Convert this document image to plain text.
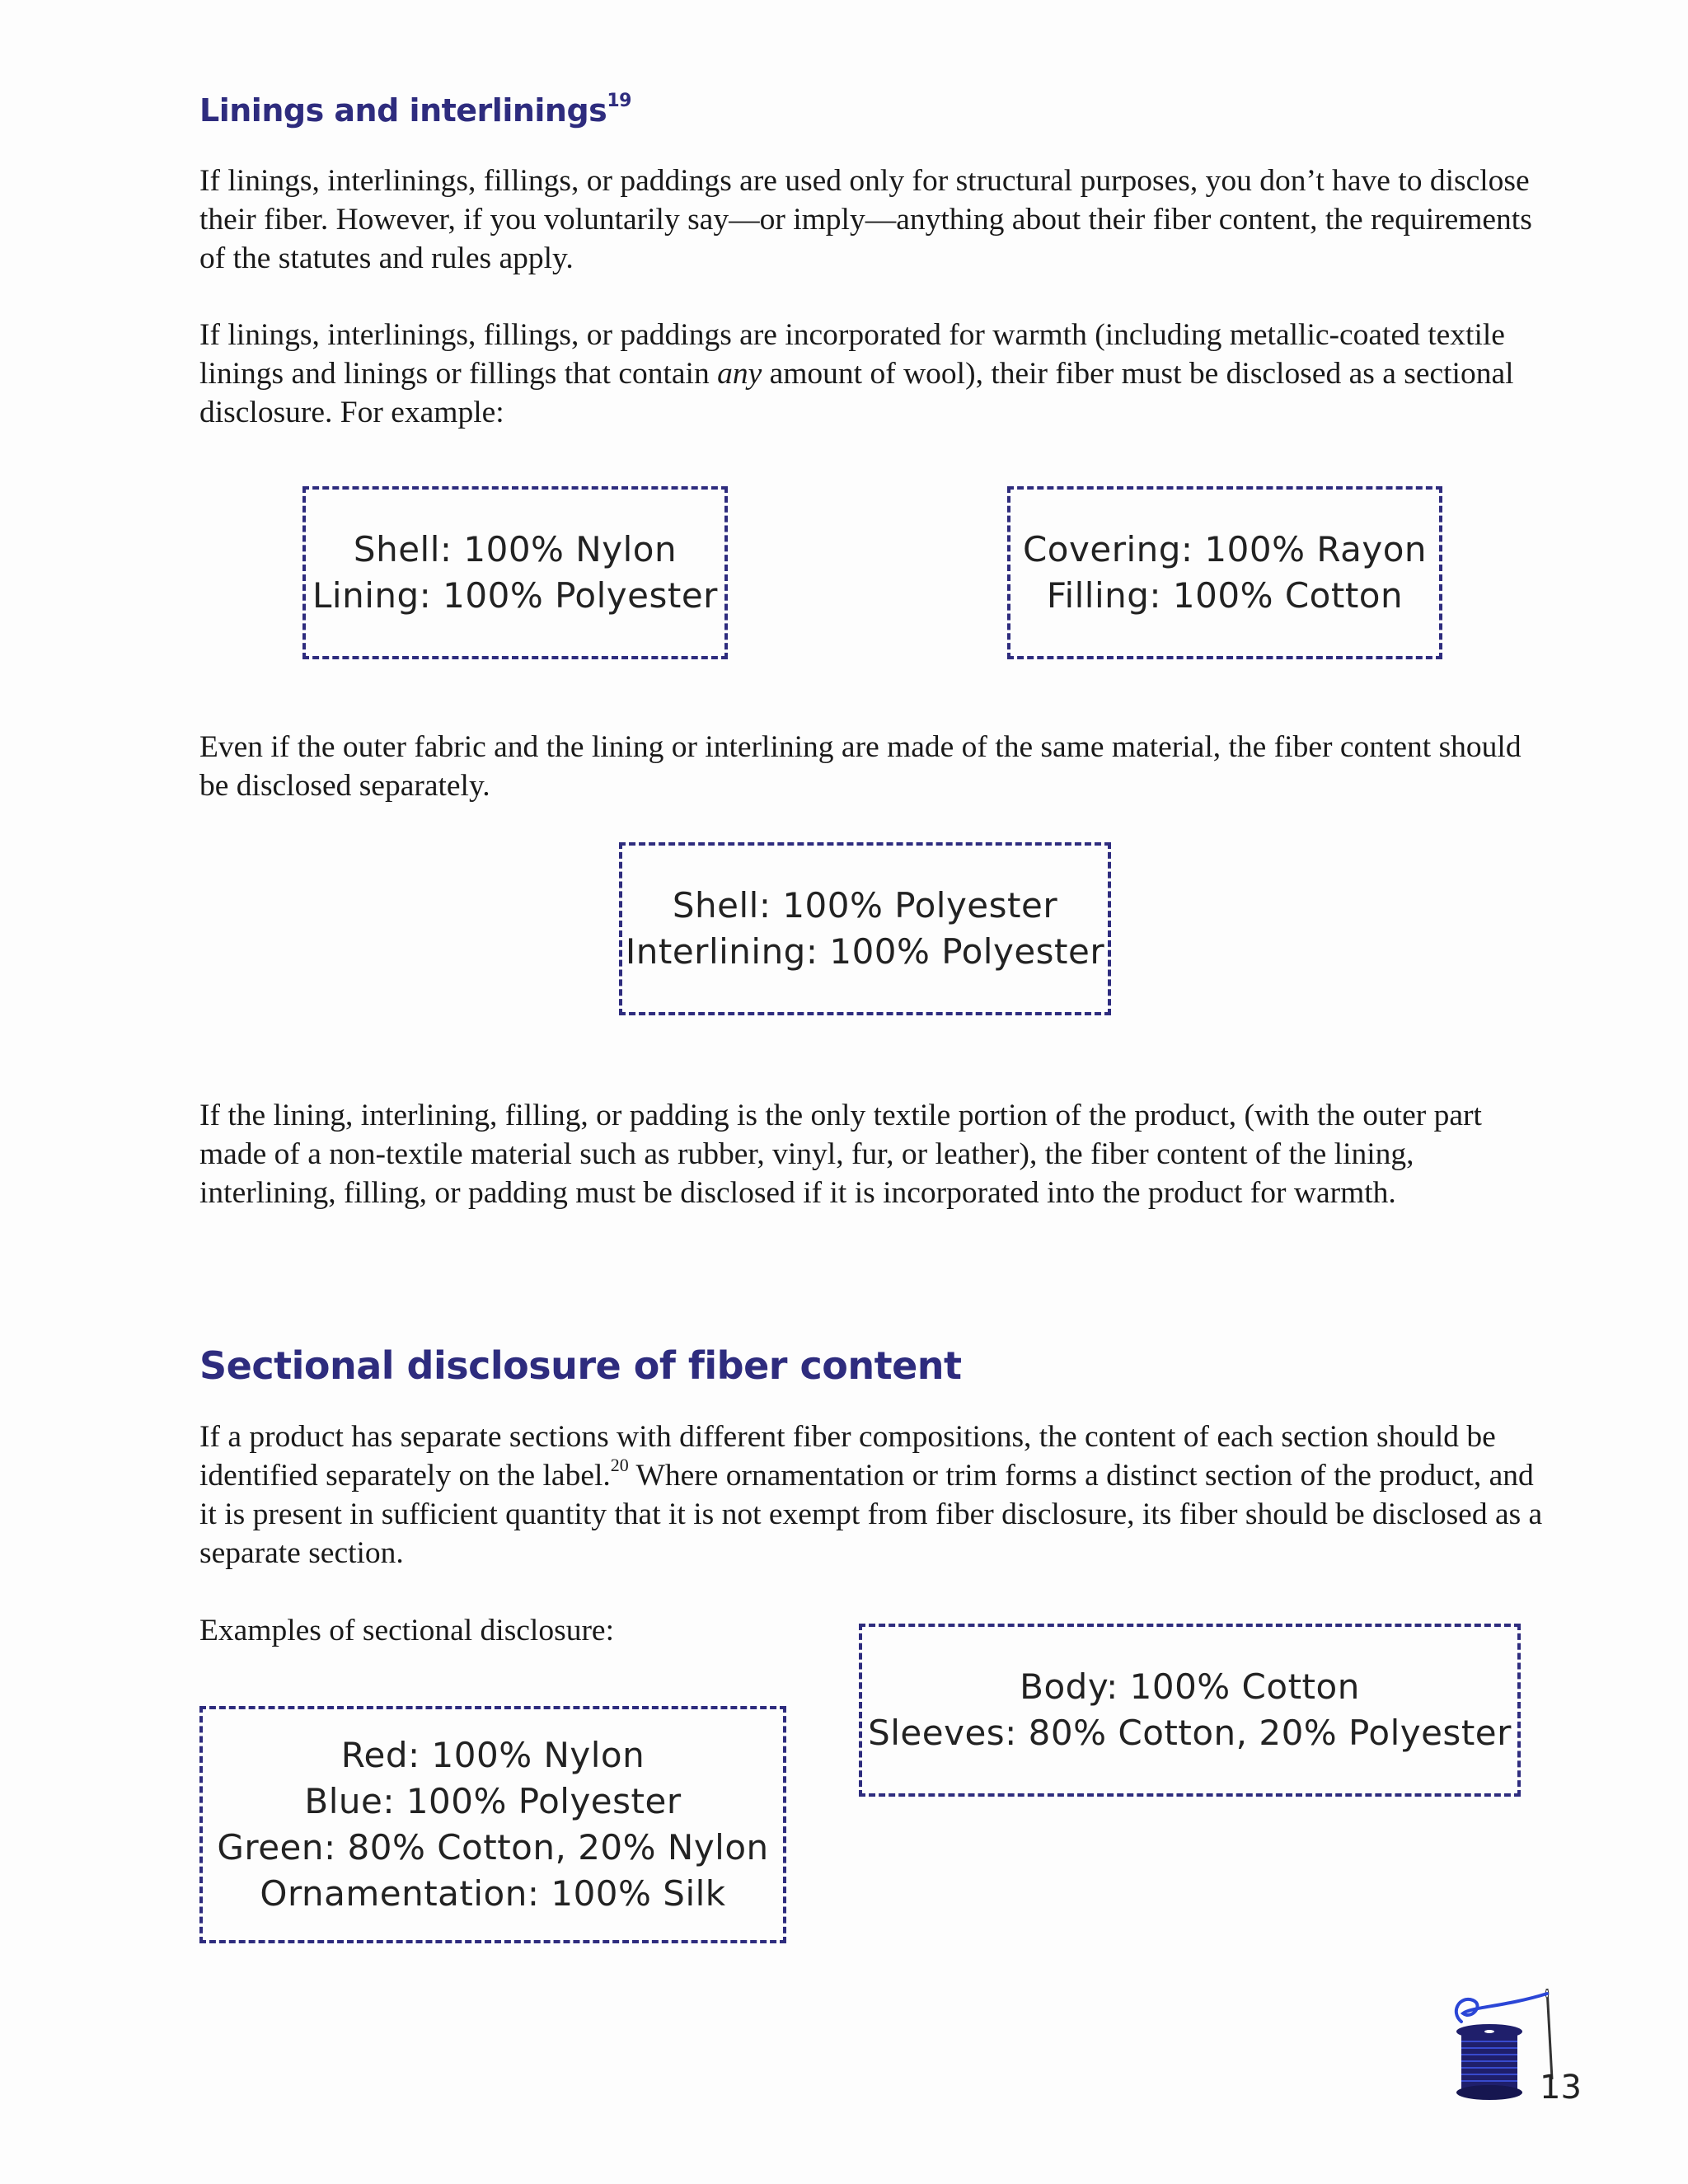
Linings and interlinings$^{19}$

If linings, interlinings, fillings, or paddings are used only for structural purposes, you don’t have to disclose their fiber. However, if you voluntarily say—or imply—anything about their fiber content, the requirements of the statutes and rules apply.

If linings, interlinings, fillings, or paddings are incorporated for warmth (including metallic-coated textile linings and linings or fillings that contain any amount of wool), their fiber must be disclosed as a sectional disclosure. For example:

Shell: 100% Nylon
Lining: 100% Polyester
Covering: 100% Rayon
Filling: 100% Cotton

Even if the outer fabric and the lining or interlining are made of the same material, the fiber content should be disclosed separately.

Shell: 100% Polyester
Interlining: 100% Polyester

If the lining, interlining, filling, or padding is the only textile portion of the product, (with the outer part made of a non-textile material such as rubber, vinyl, fur, or leather), the fiber content of the lining, interlining, filling, or padding must be disclosed if it is incorporated into the product for warmth.

Sectional disclosure of fiber content

If a product has separate sections with different fiber compositions, the content of each section should be identified separately on the label.$^{20}$ Where ornamentation or trim forms a distinct section of the product, and it is present in sufficient quantity that it is not exempt from fiber disclosure, its fiber should be disclosed as a separate section.

Examples of sectional disclosure:

Body: 100% Cotton
Sleeves: 80% Cotton, 20% Polyester
Red: 100% Nylon
Blue: 100% Polyester
Green: 80% Cotton, 20% Nylon
Ornamentation: 100% Silk
13
